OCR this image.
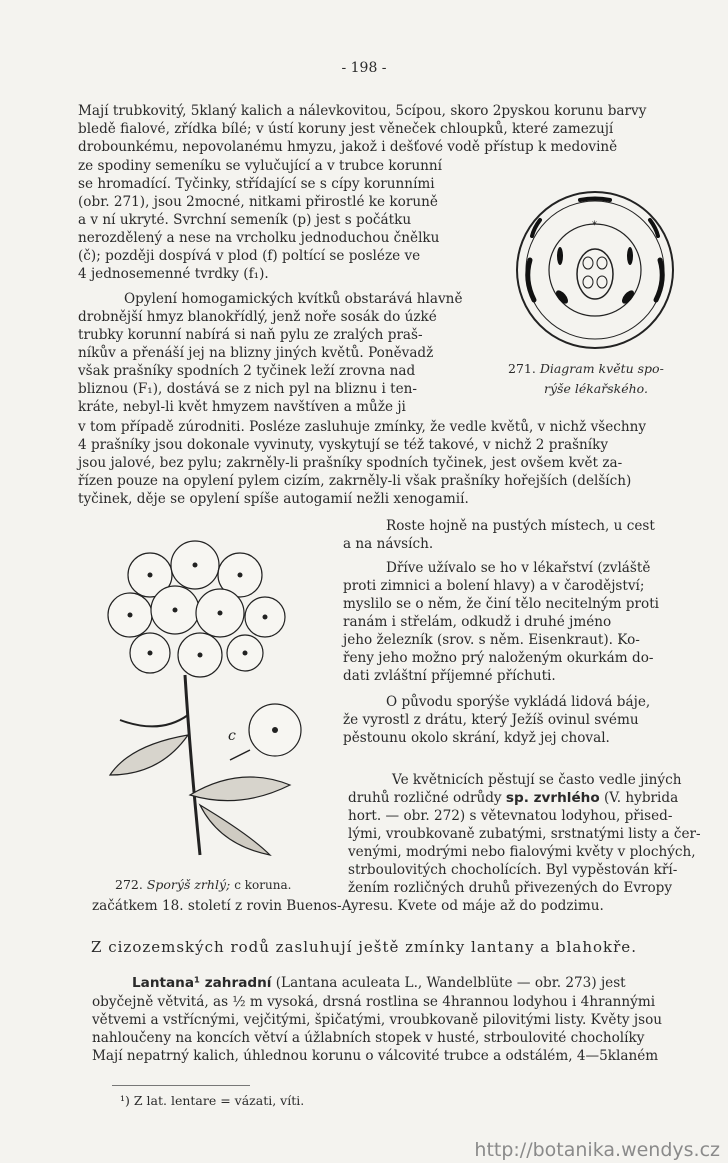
- 198 -
Mají trubkovitý, 5klaný kalich a nálevkovitou, 5cípou, skoro 2pyskou korunu barvy
bledě fialové, zřídka bílé; v ústí koruny jest věneček chloupků, které zamezují
drobounkému, nepovolanému hmyzu, jakož i dešťové vodě přístup k medovině
ze spodiny semeníku se vylučující a v trubce korunní
se hromadící. Tyčinky, střídající se s cípy korunními
(obr. 271), jsou 2mocné, nitkami přirostlé ke koruně
a v ní ukryté. Svrchní semeník (p) jest s počátku
nerozdělený a nese na vrcholku jednoduchou čnělku
(č); později dospívá v plod (f) poltící se posléze ve
4 jednosemenné tvrdky (f₁).
Opylení homogamických kvítků obstarává hlavně
drobnější hmyz blanokřídlý, jenž noře sosák do úzké
trubky korunní nabírá si naň pylu ze zralých praš-
níkův a přenáší jej na blizny jiných květů. Poněvadž
však prašníky spodních 2 tyčinek leží zrovna nad
bliznou (F₁), dostává se z nich pyl na bliznu i ten-
kráte, nebyl-li květ hmyzem navštíven a může ji
v tom případě zúrodniti. Posléze zasluhuje zmínky, že vedle květů, v nichž všechny
4 prašníky jsou dokonale vyvinuty, vyskytují se též takové, v nichž 2 prašníky
jsou jalové, bez pylu; zakrněly-li prašníky spodních tyčinek, jest ovšem květ za-
řízen pouze na opylení pylem cizím, zakrněly-li však prašníky hořejších (delších)
tyčinek, děje se opylení spíše autogamií nežli xenogamií.
*
271. Diagram květu spo-
rýše lékařského.
c
272. Sporýš zrhlý; c koruna.
Roste hojně na pustých místech, u cest
a na návsích.
Dříve užívalo se ho v lékařství (zvláště
proti zimnici a bolení hlavy) a v čarodějství;
myslilo se o něm, že činí tělo necitelným proti
ranám i střelám, odkudž i druhé jméno
jeho železník (srov. s něm. Eisenkraut). Ko-
řeny jeho možno prý naloženým okurkám do-
dati zvláštní příjemné příchuti.
O původu sporýše vykládá lidová báje,
že vyrostl z drátu, který Ježíš ovinul svému
pěstounu okolo skrání, když jej choval.
Ve květnicích pěstují se často vedle jiných
druhů rozličné odrůdy sp. zvrhlého (V. hybrida
hort. — obr. 272) s větevnatou lodyhou, přised-
lými, vroubkovaně zubatými, srstnatými listy a čer-
venými, modrými nebo fialovými květy v plochých,
strboulovitých chocholících. Byl vypěstován kří-
žením rozličných druhů přivezených do Evropy
začátkem 18. století z rovin Buenos-Ayresu. Kvete od máje až do podzimu.
Z cizozemských rodů zasluhují ještě zmínky lantany a blahokře.
Lantana¹ zahradní (Lantana aculeata L., Wandelblüte — obr. 273) jest
obyčejně větvitá, as ½ m vysoká, drsná rostlina se 4hrannou lodyhou i 4hrannými
větvemi a vstřícnými, vejčitými, špičatými, vroubkovaně pilovitými listy. Květy jsou
nahloučeny na koncích větví a úžlabních stopek v husté, strboulovité chocholíky
Mají nepatrný kalich, úhlednou korunu o válcovité trubce a odstálém, 4—5klaném
¹) Z lat. lentare = vázati, víti.
http://botanika.wendys.cz
